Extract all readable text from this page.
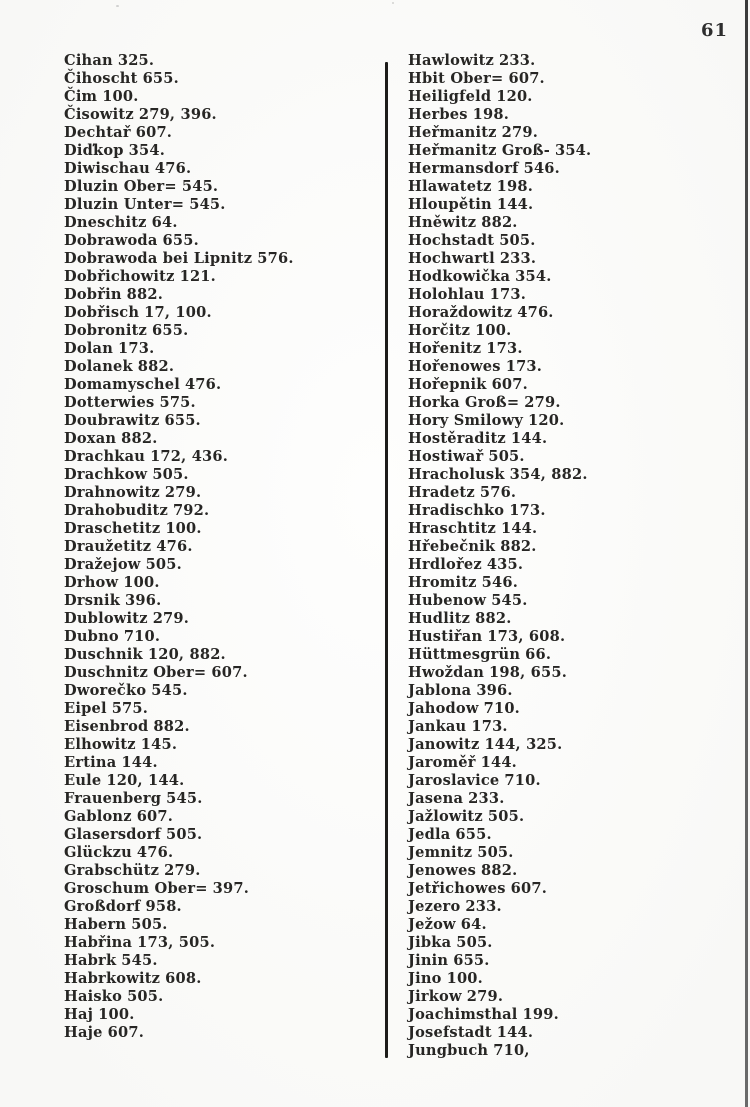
61
Cihan 325.
Čihoscht 655.
Čim 100.
Čisowitz 279, 396.
Dechtař 607.
Diďkop 354.
Diwischau 476.
Dluzin Ober= 545.
Dluzin Unter= 545.
Dneschitz 64.
Dobrawoda 655.
Dobrawoda bei Lipnitz 576.
Dobřichowitz 121.
Dobřin 882.
Dobřisch 17, 100.
Dobronitz 655.
Dolan 173.
Dolanek 882.
Domamyschel 476.
Dotterwies 575.
Doubrawitz 655.
Doxan 882.
Drachkau 172, 436.
Drachkow 505.
Drahnowitz 279.
Drahobuditz 792.
Draschetitz 100.
Draužetitz 476.
Dražejow 505.
Drhow 100.
Drsnik 396.
Dublowitz 279.
Dubno 710.
Duschnik 120, 882.
Duschnitz Ober= 607.
Dworečko 545.
Eipel 575.
Eisenbrod 882.
Elhowitz 145.
Ertina 144.
Eule 120, 144.
Frauenberg 545.
Gablonz 607.
Glasersdorf 505.
Glückzu 476.
Grabschütz 279.
Groschum Ober= 397.
Großdorf 958.
Habern 505.
Habřina 173, 505.
Habrk 545.
Habrkowitz 608.
Haisko 505.
Haj 100.
Haje 607.
Hawlowitz 233.
Hbit Ober= 607.
Heiligfeld 120.
Herbes 198.
Heřmanitz 279.
Heřmanitz Groß- 354.
Hermansdorf 546.
Hlawatetz 198.
Hloupětin 144.
Hněwitz 882.
Hochstadt 505.
Hochwartl 233.
Hodkowička 354.
Holohlau 173.
Horaždowitz 476.
Horčitz 100.
Hořenitz 173.
Hořenowes 173.
Hořepnik 607.
Horka Groß= 279.
Hory Smilowy 120.
Hostěraditz 144.
Hostiwař 505.
Hracholusk 354, 882.
Hradetz 576.
Hradischko 173.
Hraschtitz 144.
Hřebečnik 882.
Hrdlořez 435.
Hromitz 546.
Hubenow 545.
Hudlitz 882.
Hustiřan 173, 608.
Hüttmesgrün 66.
Hwoždan 198, 655.
Jablona 396.
Jahodow 710.
Jankau 173.
Janowitz 144, 325.
Jaroměř 144.
Jaroslavice 710.
Jasena 233.
Jažlowitz 505.
Jedla 655.
Jemnitz 505.
Jenowes 882.
Jetřichowes 607.
Jezero 233.
Ježow 64.
Jibka 505.
Jinin 655.
Jino 100.
Jirkow 279.
Joachimsthal 199.
Josefstadt 144.
Jungbuch 710,
